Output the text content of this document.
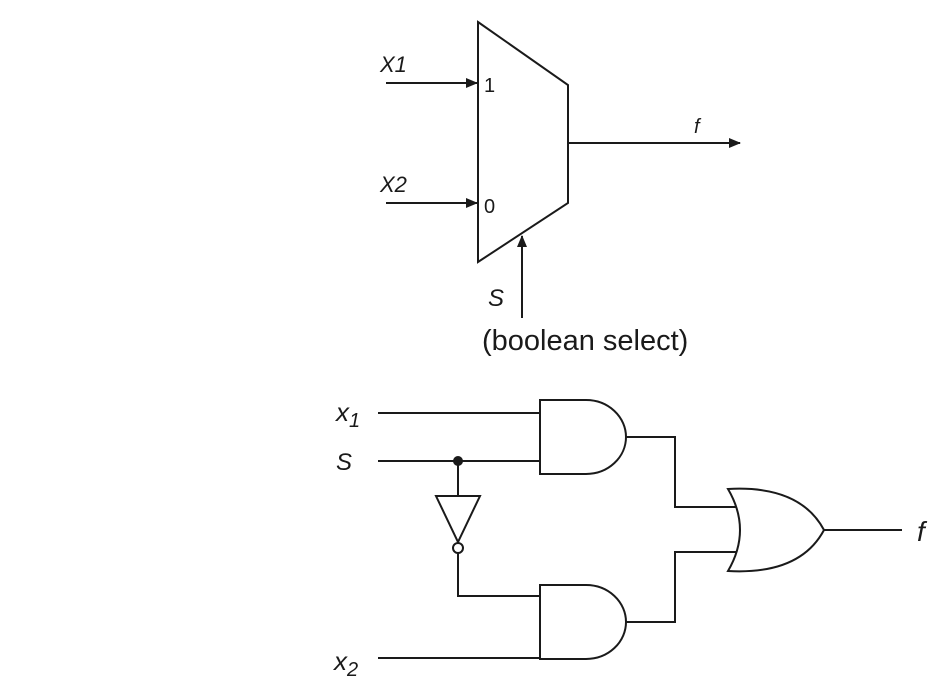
X1
1
X2
0
f
S
(boolean select)
$x_1$
S
$x_2$
f
